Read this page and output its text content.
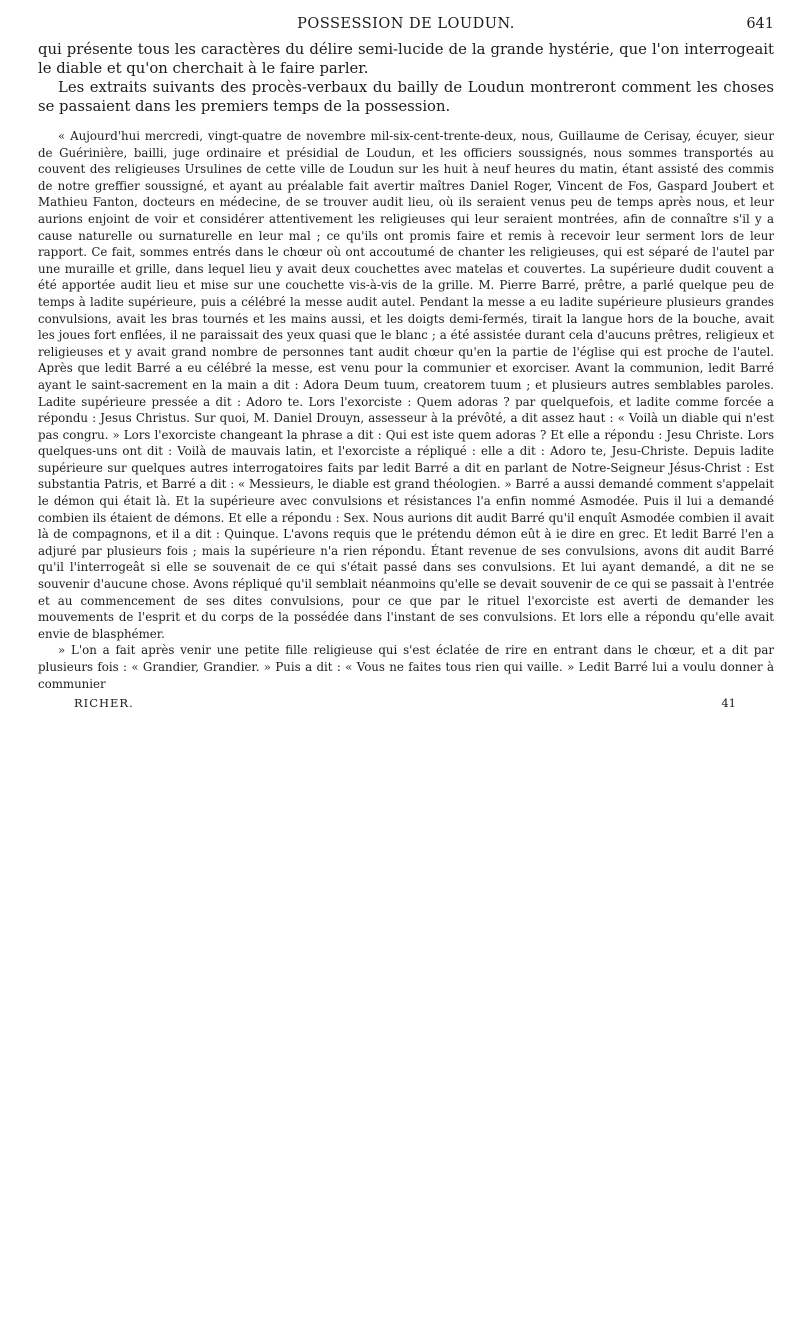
POSSESSION DE LOUDUN.	641

qui présente tous les caractères du délire semi-lucide de la grande hystérie, que l'on interrogeait le diable et qu'on cherchait à le faire parler.

Les extraits suivants des procès-verbaux du bailly de Loudun montreront comment les choses se passaient dans les premiers temps de la possession.

« Aujourd'hui mercredi, vingt-quatre de novembre mil-six-cent-trente-deux, nous, Guillaume de Cerisay, écuyer, sieur de Guérinière, bailli, juge ordinaire et présidial de Loudun, et les officiers soussignés, nous sommes transportés au couvent des religieuses Ursulines de cette ville de Loudun sur les huit à neuf heures du matin, étant assisté des commis de notre greffier soussigné, et ayant au préalable fait avertir maîtres Daniel Roger, Vincent de Fos, Gaspard Joubert et Mathieu Fanton, docteurs en médecine, de se trouver audit lieu, où ils seraient venus peu de temps après nous, et leur aurions enjoint de voir et considérer attentivement les religieuses qui leur seraient montrées, afin de connaître s'il y a cause naturelle ou surnaturelle en leur mal ; ce qu'ils ont promis faire et remis à recevoir leur serment lors de leur rapport. Ce fait, sommes entrés dans le chœur où ont accoutumé de chanter les religieuses, qui est séparé de l'autel par une muraille et grille, dans lequel lieu y avait deux couchettes avec matelas et couvertes. La supérieure dudit couvent a été apportée audit lieu et mise sur une couchette vis-à-vis de la grille. M. Pierre Barré, prêtre, a parlé quelque peu de temps à ladite supérieure, puis a célébré la messe audit autel. Pendant la messe a eu ladite supérieure plusieurs grandes convulsions, avait les bras tournés et les mains aussi, et les doigts demi-fermés, tirait la langue hors de la bouche, avait les joues fort enflées, il ne paraissait des yeux quasi que le blanc ; a été assistée durant cela d'aucuns prêtres, religieux et religieuses et y avait grand nombre de personnes tant audit chœur qu'en la partie de l'église qui est proche de l'autel. Après que ledit Barré a eu célébré la messe, est venu pour la communier et exorciser. Avant la communion, ledit Barré ayant le saint-sacrement en la main a dit : Adora Deum tuum, creatorem tuum ; et plusieurs autres semblables paroles. Ladite supérieure pressée a dit : Adoro te. Lors l'exorciste : Quem adoras ? par quelquefois, et ladite comme forcée a répondu : Jesus Christus. Sur quoi, M. Daniel Drouyn, assesseur à la prévôté, a dit assez haut : « Voilà un diable qui n'est pas congru. » Lors l'exorciste changeant la phrase a dit : Qui est iste quem adoras ? Et elle a répondu : Jesu Christe. Lors quelques-uns ont dit : Voilà de mauvais latin, et l'exorciste a répliqué : elle a dit : Adoro te, Jesu-Christe. Depuis ladite supérieure sur quelques autres interrogatoires faits par ledit Barré a dit en parlant de Notre-Seigneur Jésus-Christ : Est substantia Patris, et Barré a dit : « Messieurs, le diable est grand théologien. » Barré a aussi demandé comment s'appelait le démon qui était là. Et la supérieure avec convulsions et résistances l'a enfin nommé Asmodée. Puis il lui a demandé combien ils étaient de démons. Et elle a répondu : Sex. Nous aurions dit audit Barré qu'il enquît Asmodée combien il avait là de compagnons, et il a dit : Quinque. L'avons requis que le prétendu démon eût à ie dire en grec. Et ledit Barré l'en a adjuré par plusieurs fois ; mais la supérieure n'a rien répondu. Étant revenue de ses convulsions, avons dit audit Barré qu'il l'interrogeât si elle se souvenait de ce qui s'était passé dans ses convulsions. Et lui ayant demandé, a dit ne se souvenir d'aucune chose. Avons répliqué qu'il semblait néanmoins qu'elle se devait souvenir de ce qui se passait à l'entrée et au commencement de ses dites convulsions, pour ce que par le rituel l'exorciste est averti de demander les mouvements de l'esprit et du corps de la possédée dans l'instant de ses convulsions. Et lors elle a répondu qu'elle avait envie de blasphémer.

» L'on a fait après venir une petite fille religieuse qui s'est éclatée de rire en entrant dans le chœur, et a dit par plusieurs fois : « Grandier, Grandier. » Puis a dit : « Vous ne faites tous rien qui vaille. » Ledit Barré lui a voulu donner à communier

RICHER.	41
